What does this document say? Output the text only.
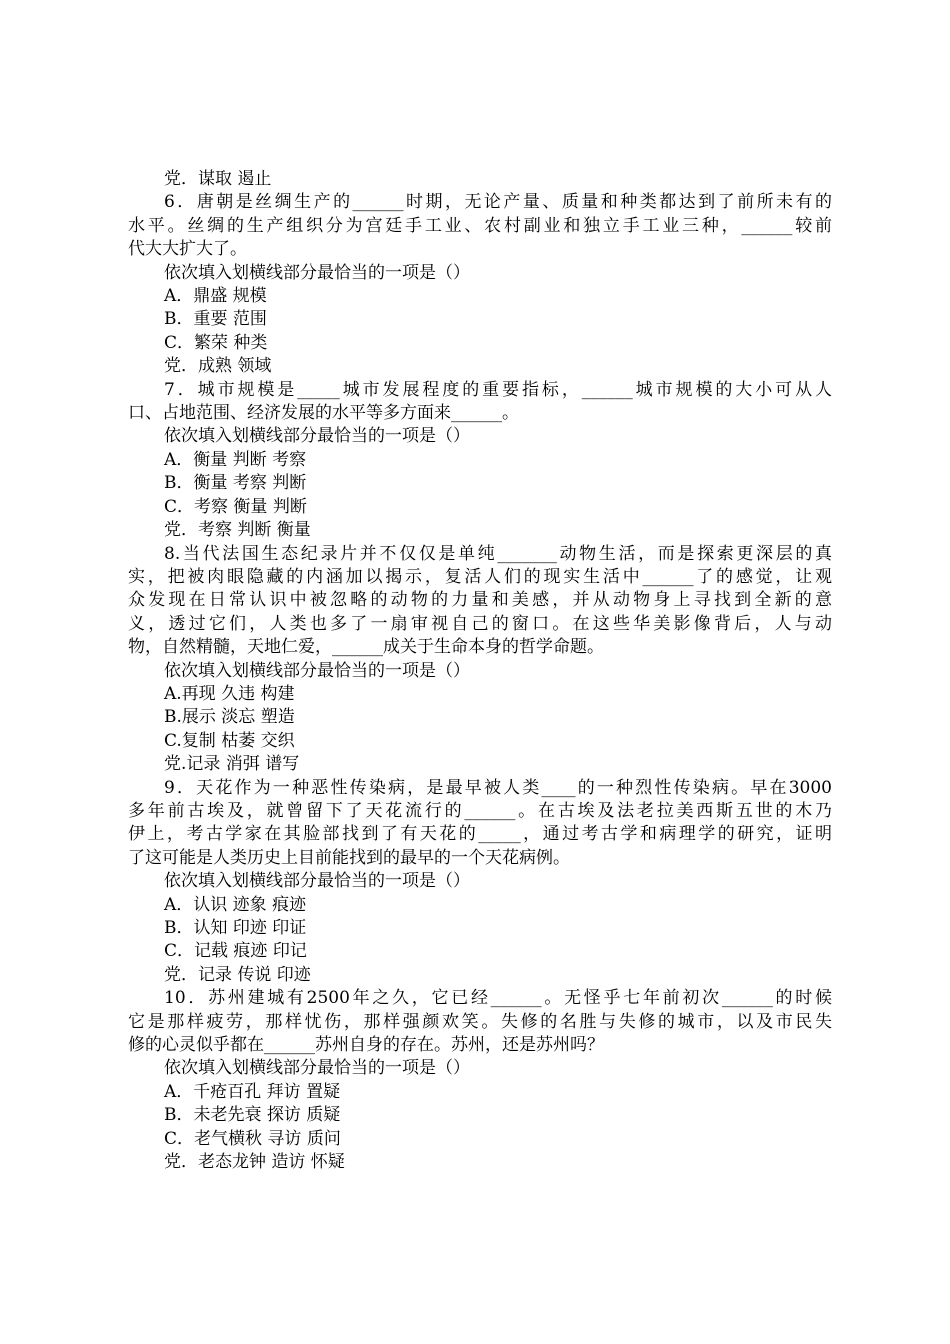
党．谋取 遏止
6．唐朝是丝绸生产的______时期，无论产量、质量和种类都达到了前所未有的
水平。丝绸的生产组织分为宫廷手工业、农村副业和独立手工业三种，______较前
代大大扩大了。
依次填入划横线部分最恰当的一项是（）
A．鼎盛 规模
B．重要 范围
C．繁荣 种类
党．成熟 领域
7．城市规模是_____城市发展程度的重要指标，______城市规模的大小可从人
口、占地范围、经济发展的水平等多方面来______。
依次填入划横线部分最恰当的一项是（）
A．衡量 判断 考察
B．衡量 考察 判断
C．考察 衡量 判断
党．考察 判断 衡量
8.当代法国生态纪录片并不仅仅是单纯_______动物生活，而是探索更深层的真
实，把被肉眼隐藏的内涵加以揭示，复活人们的现实生活中______了的感觉，让观
众发现在日常认识中被忽略的动物的力量和美感，并从动物身上寻找到全新的意
义，透过它们，人类也多了一扇审视自己的窗口。在这些华美影像背后，人与动
物，自然精髓，天地仁爱，______成关于生命本身的哲学命题。
依次填入划横线部分最恰当的一项是（）
A.再现 久违 构建
B.展示 淡忘 塑造
C.复制 枯萎 交织
党.记录 消弭 谱写
9．天花作为一种恶性传染病，是最早被人类____的一种烈性传染病。早在3000
多年前古埃及，就曾留下了天花流行的______。在古埃及法老拉美西斯五世的木乃
伊上，考古学家在其脸部找到了有天花的_____，通过考古学和病理学的研究，证明
了这可能是人类历史上目前能找到的最早的一个天花病例。
依次填入划横线部分最恰当的一项是（）
A．认识 迹象 痕迹
B．认知 印迹 印证
C．记载 痕迹 印记
党．记录 传说 印迹
10．苏州建城有2500年之久，它已经______。无怪乎七年前初次______的时候
它是那样疲劳，那样忧伤，那样强颜欢笑。失修的名胜与失修的城市，以及市民失
修的心灵似乎都在______苏州自身的存在。苏州，还是苏州吗？
依次填入划横线部分最恰当的一项是（）
A．千疮百孔 拜访 置疑
B．未老先衰 探访 质疑
C．老气横秋 寻访 质问
党．老态龙钟 造访 怀疑
